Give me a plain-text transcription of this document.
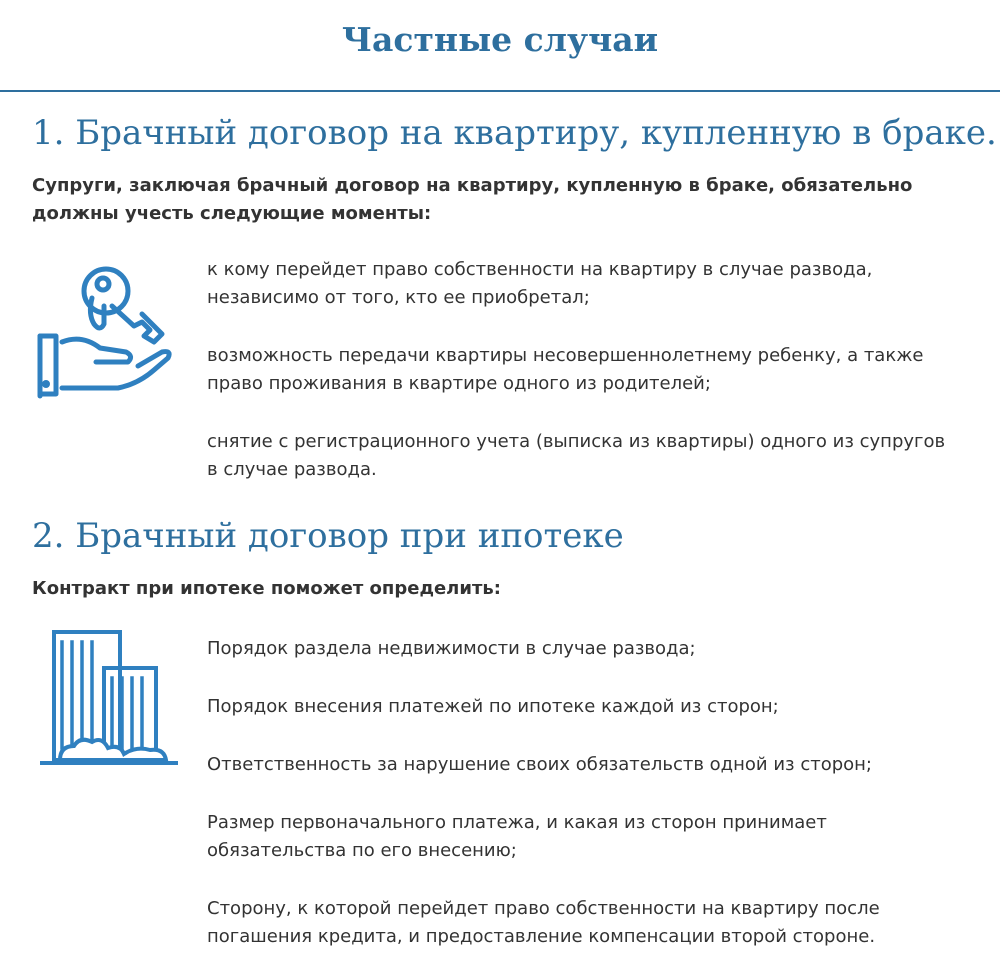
Частные случаи
1. Брачный договор на квартиру, купленную в браке.

Супруги, заключая брачный договор на квартиру, купленную в браке, обязательно должны учесть следующие моменты:

к кому перейдет право собственности на квартиру в случае развода, независимо от того, кто ее приобретал;
возможность передачи квартиры несовершеннолетнему ребенку, а также право проживания в квартире одного из родителей;
снятие с регистрационного учета (выписка из квартиры) одного из супругов в случае развода.
2. Брачный договор при ипотеке

Контракт при ипотеке поможет определить:

Порядок раздела недвижимости в случае развода;
Порядок внесения платежей по ипотеке каждой из сторон;
Ответственность за нарушение своих обязательств одной из сторон;
Размер первоначального платежа, и какая из сторон принимает обязательства по его внесению;
Сторону, к которой перейдет право собственности на квартиру после погашения кредита, и предоставление компенсации второй стороне.
